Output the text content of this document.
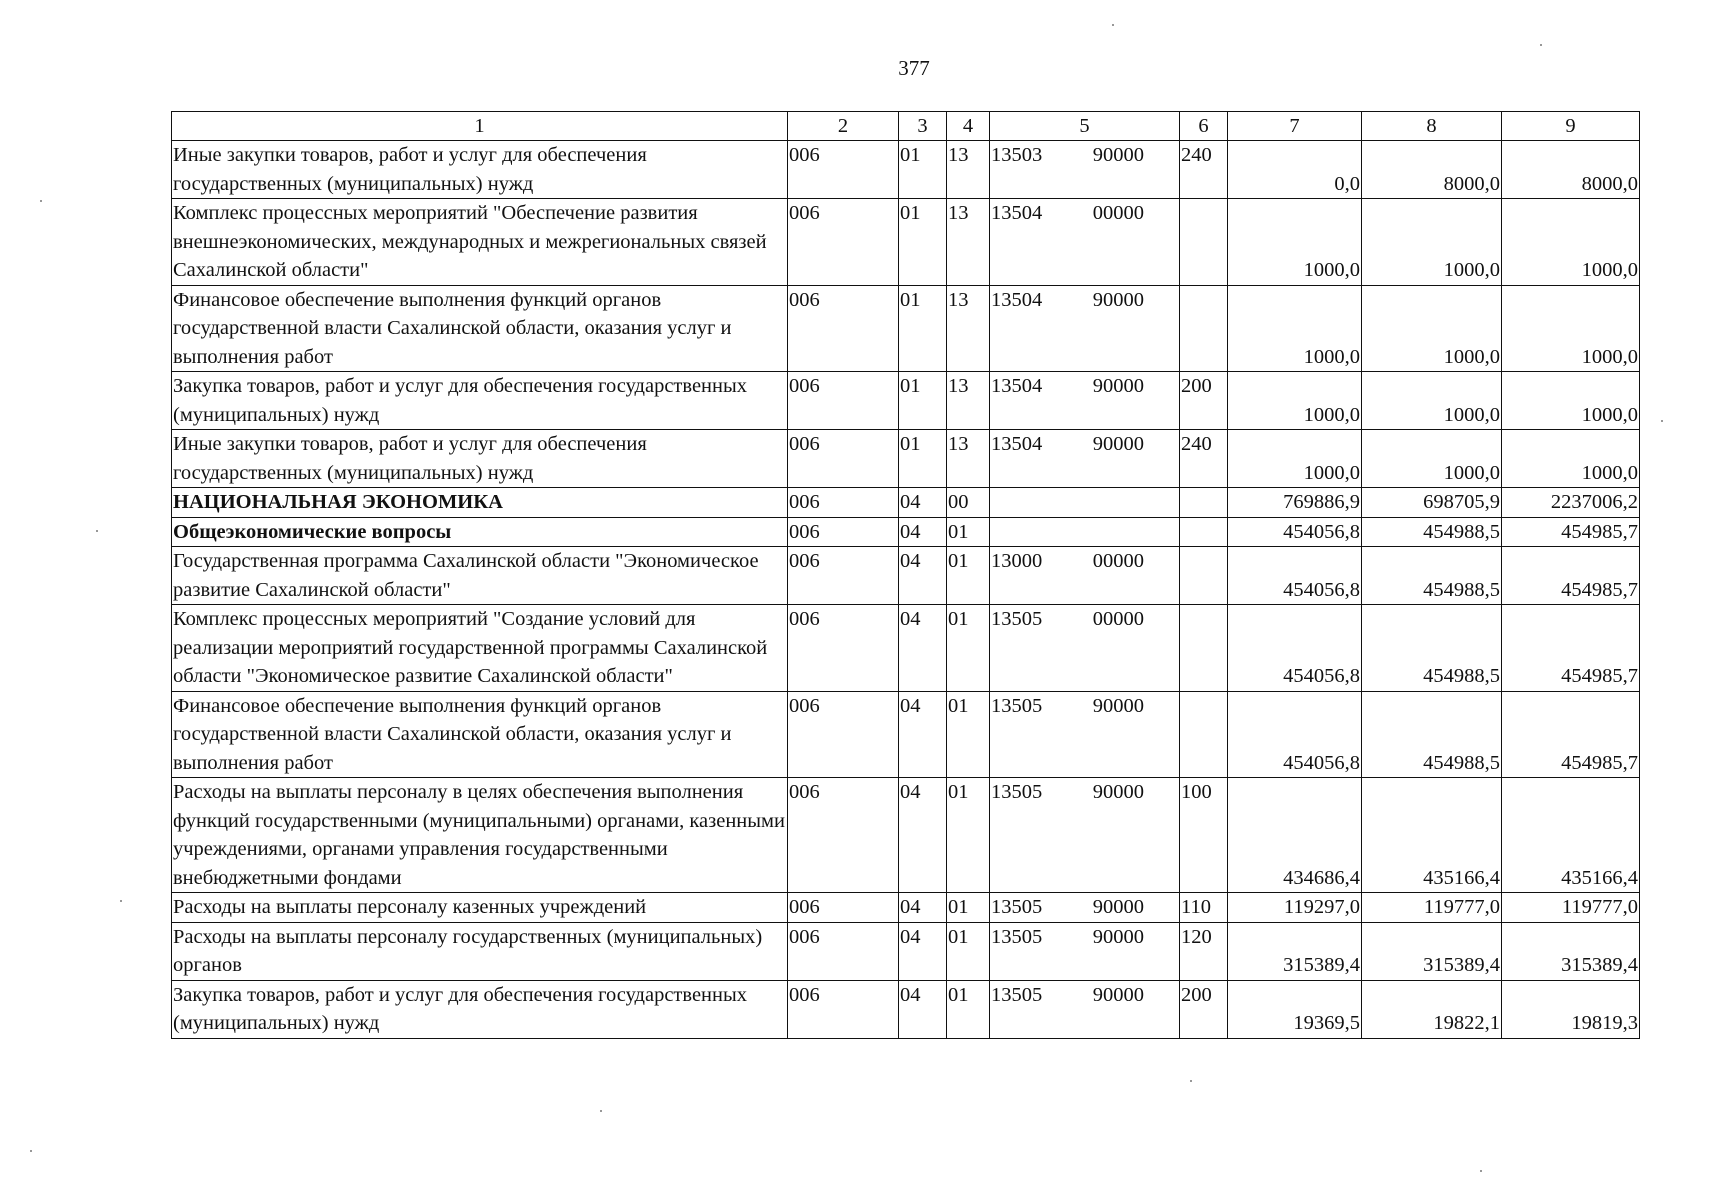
377
1	2	3	4	5	6	7	8	9
Иные закупки товаров, работ и услуг для обеспечения государственных (муниципальных) нужд	006	01	13	13503 90000	240	0,0	8000,0	8000,0
Комплекс процессных мероприятий "Обеспечение развития внешнеэкономических, международных и межрегиональных связей Сахалинской области"	006	01	13	13504 00000		1000,0	1000,0	1000,0
Финансовое обеспечение выполнения функций органов государственной власти Сахалинской области, оказания услуг и выполнения работ	006	01	13	13504 90000		1000,0	1000,0	1000,0
Закупка товаров, работ и услуг для обеспечения государственных (муниципальных) нужд	006	01	13	13504 90000	200	1000,0	1000,0	1000,0
Иные закупки товаров, работ и услуг для обеспечения государственных (муниципальных) нужд	006	01	13	13504 90000	240	1000,0	1000,0	1000,0
НАЦИОНАЛЬНАЯ ЭКОНОМИКА	006	04	00			769886,9	698705,9	2237006,2
Общеэкономические вопросы	006	04	01			454056,8	454988,5	454985,7
Государственная программа Сахалинской области "Экономическое развитие Сахалинской области"	006	04	01	13000 00000		454056,8	454988,5	454985,7
Комплекс процессных мероприятий "Создание условий для реализации мероприятий государственной программы Сахалинской области "Экономическое развитие Сахалинской области"	006	04	01	13505 00000		454056,8	454988,5	454985,7
Финансовое обеспечение выполнения функций органов государственной власти Сахалинской области, оказания услуг и выполнения работ	006	04	01	13505 90000		454056,8	454988,5	454985,7
Расходы на выплаты персоналу в целях обеспечения выполнения функций государственными (муниципальными) органами, казенными учреждениями, органами управления государственными внебюджетными фондами	006	04	01	13505 90000	100	434686,4	435166,4	435166,4
Расходы на выплаты персоналу казенных учреждений	006	04	01	13505 90000	110	119297,0	119777,0	119777,0
Расходы на выплаты персоналу государственных (муниципальных) органов	006	04	01	13505 90000	120	315389,4	315389,4	315389,4
Закупка товаров, работ и услуг для обеспечения государственных (муниципальных) нужд	006	04	01	13505 90000	200	19369,5	19822,1	19819,3
